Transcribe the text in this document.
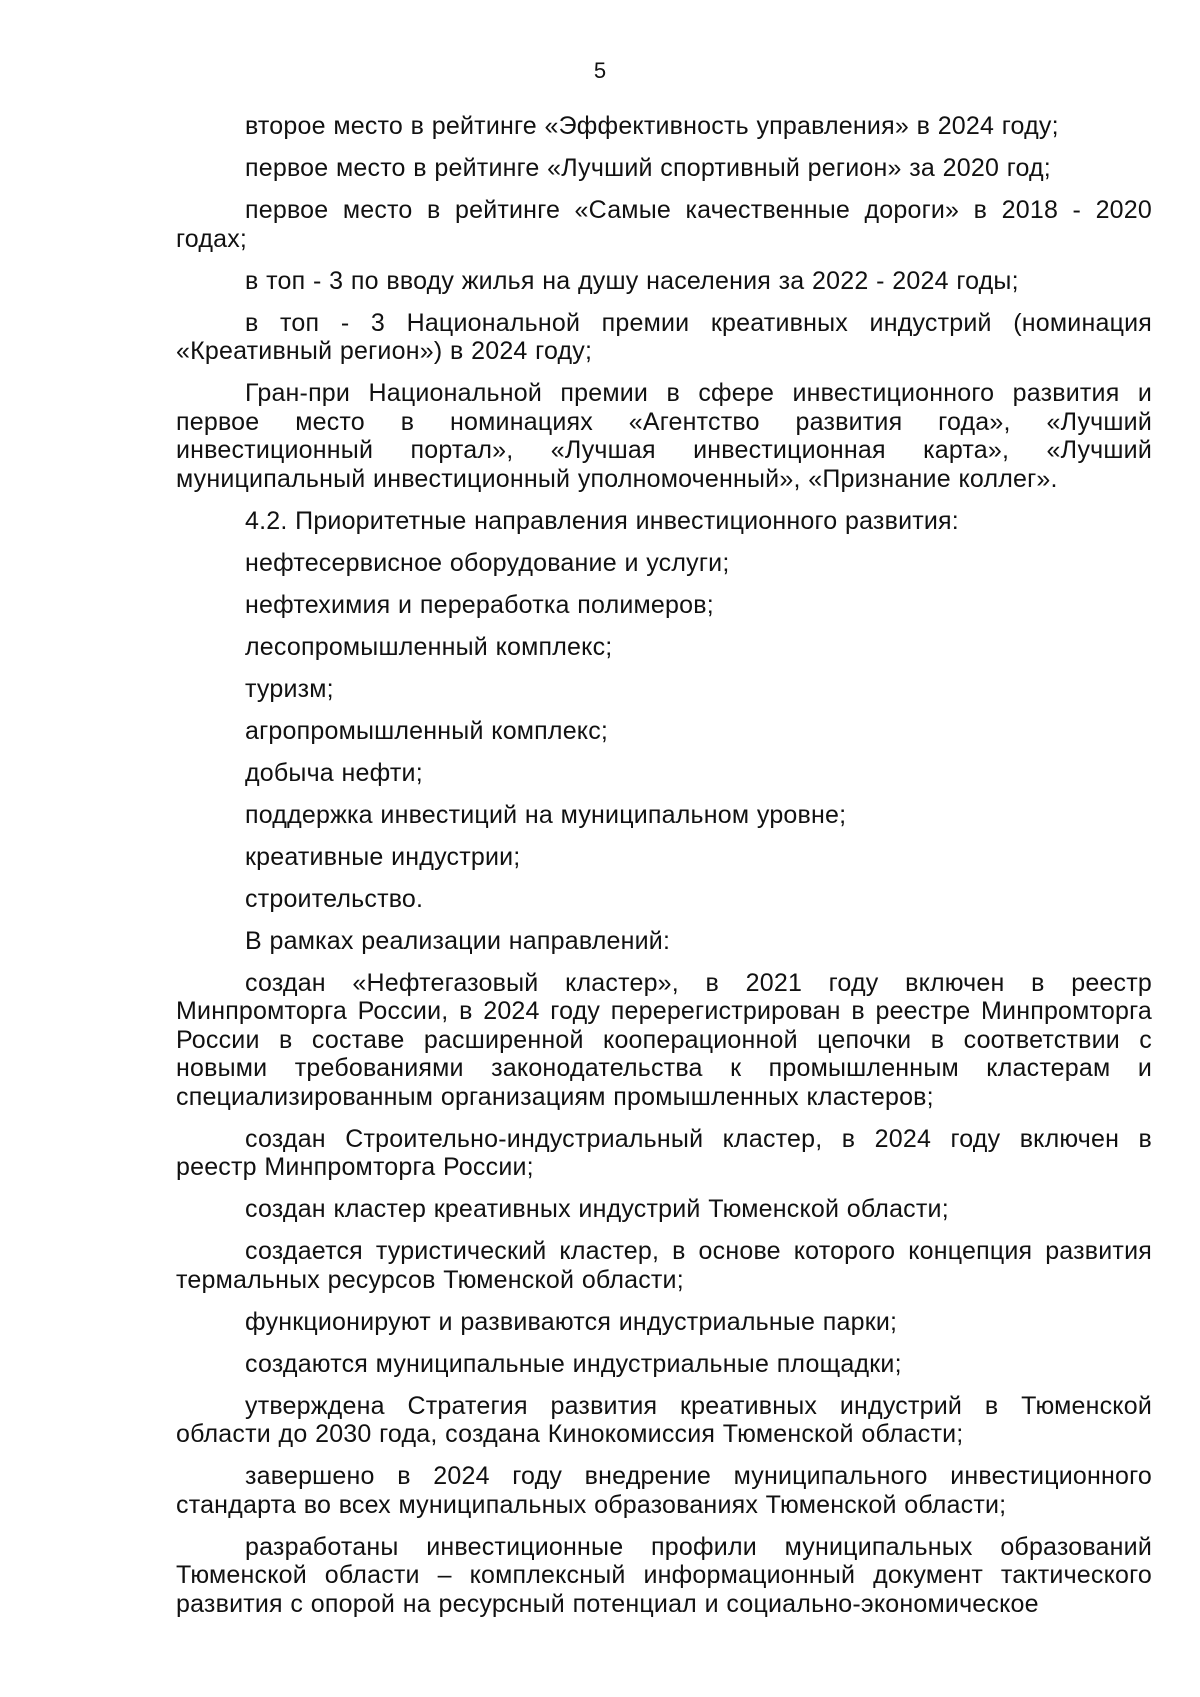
5

второе место в рейтинге «Эффективность управления» в 2024 году;

первое место в рейтинге «Лучший спортивный регион» за 2020 год;

первое место в рейтинге «Самые качественные дороги» в 2018 - 2020 годах;

в топ - 3 по вводу жилья на душу населения за 2022 - 2024 годы;

в топ - 3 Национальной премии креативных индустрий (номинация «Креативный регион») в 2024 году;

Гран-при Национальной премии в сфере инвестиционного развития и первое место в номинациях «Агентство развития года», «Лучший инвестиционный портал», «Лучшая инвестиционная карта», «Лучший муниципальный инвестиционный уполномоченный», «Признание коллег».

4.2. Приоритетные направления инвестиционного развития:

нефтесервисное оборудование и услуги;

нефтехимия и переработка полимеров;

лесопромышленный комплекс;

туризм;

агропромышленный комплекс;

добыча нефти;

поддержка инвестиций на муниципальном уровне;

креативные индустрии;

строительство.

В рамках реализации направлений:

создан «Нефтегазовый кластер», в 2021 году включен в реестр Минпромторга России, в 2024 году перерегистрирован в реестре Минпромторга России в составе расширенной кооперационной цепочки в соответствии с новыми требованиями законодательства к промышленным кластерам и специализированным организациям промышленных кластеров;

создан Строительно-индустриальный кластер, в 2024 году включен в реестр Минпромторга России;

создан кластер креативных индустрий Тюменской области;

создается туристический кластер, в основе которого концепция развития термальных ресурсов Тюменской области;

функционируют и развиваются индустриальные парки;

создаются муниципальные индустриальные площадки;

утверждена Стратегия развития креативных индустрий в Тюменской области до 2030 года, создана Кинокомиссия Тюменской области;

завершено в 2024 году внедрение муниципального инвестиционного стандарта во всех муниципальных образованиях Тюменской области;

разработаны инвестиционные профили муниципальных образований Тюменской области – комплексный информационный документ тактического развития с опорой на ресурсный потенциал и социально-экономическое
